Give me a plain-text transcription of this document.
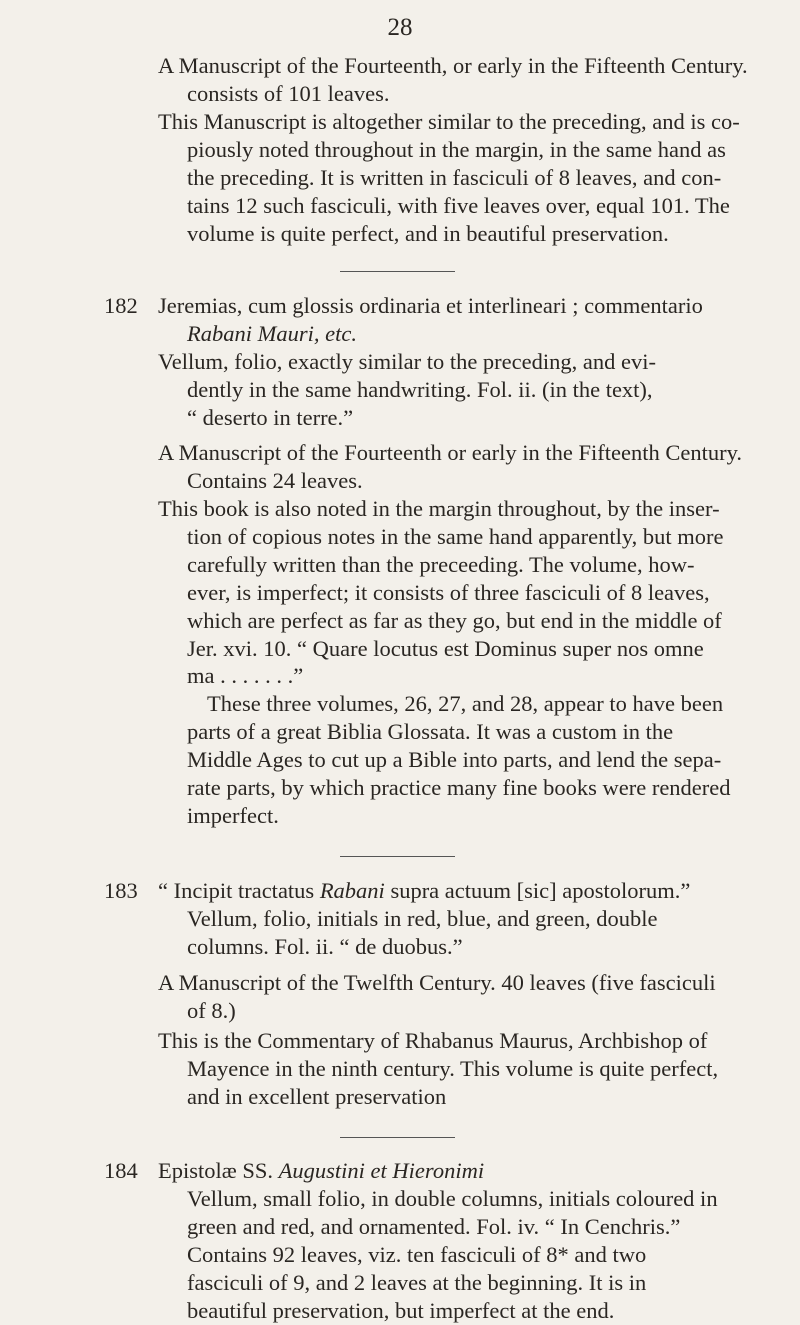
28

A Manuscript of the Fourteenth, or early in the Fifteenth Century.

consists of 101 leaves.

This Manuscript is altogether similar to the preceding, and is co-

piously noted throughout in the margin, in the same hand as

the preceding. It is written in fasciculi of 8 leaves, and con-

tains 12 such fasciculi, with five leaves over, equal 101. The

volume is quite perfect, and in beautiful preservation.

182 Jeremias, cum glossis ordinaria et interlineari ; commentario

Rabani Mauri, etc.

Vellum, folio, exactly similar to the preceding, and evi-

dently in the same handwriting. Fol. ii. (in the text),

“ deserto in terre.”

A Manuscript of the Fourteenth or early in the Fifteenth Century.

Contains 24 leaves.

This book is also noted in the margin throughout, by the inser-

tion of copious notes in the same hand apparently, but more

carefully written than the preceeding. The volume, how-

ever, is imperfect; it consists of three fasciculi of 8 leaves,

which are perfect as far as they go, but end in the middle of

Jer. xvi. 10. “ Quare locutus est Dominus super nos omne

ma . . . . . . .”

These three volumes, 26, 27, and 28, appear to have been

parts of a great Biblia Glossata. It was a custom in the

Middle Ages to cut up a Bible into parts, and lend the sepa-

rate parts, by which practice many fine books were rendered

imperfect.

183 “ Incipit tractatus Rabani supra actuum [sic] apostolorum.”

Vellum, folio, initials in red, blue, and green, double

columns. Fol. ii. “ de duobus.”

A Manuscript of the Twelfth Century. 40 leaves (five fasciculi

of 8.)

This is the Commentary of Rhabanus Maurus, Archbishop of

Mayence in the ninth century. This volume is quite perfect,

and in excellent preservation

184 Epistolæ SS. Augustini et Hieronimi

Vellum, small folio, in double columns, initials coloured in

green and red, and ornamented. Fol. iv. “ In Cenchris.”

Contains 92 leaves, viz. ten fasciculi of 8* and two

fasciculi of 9, and 2 leaves at the beginning. It is in

beautiful preservation, but imperfect at the end.
